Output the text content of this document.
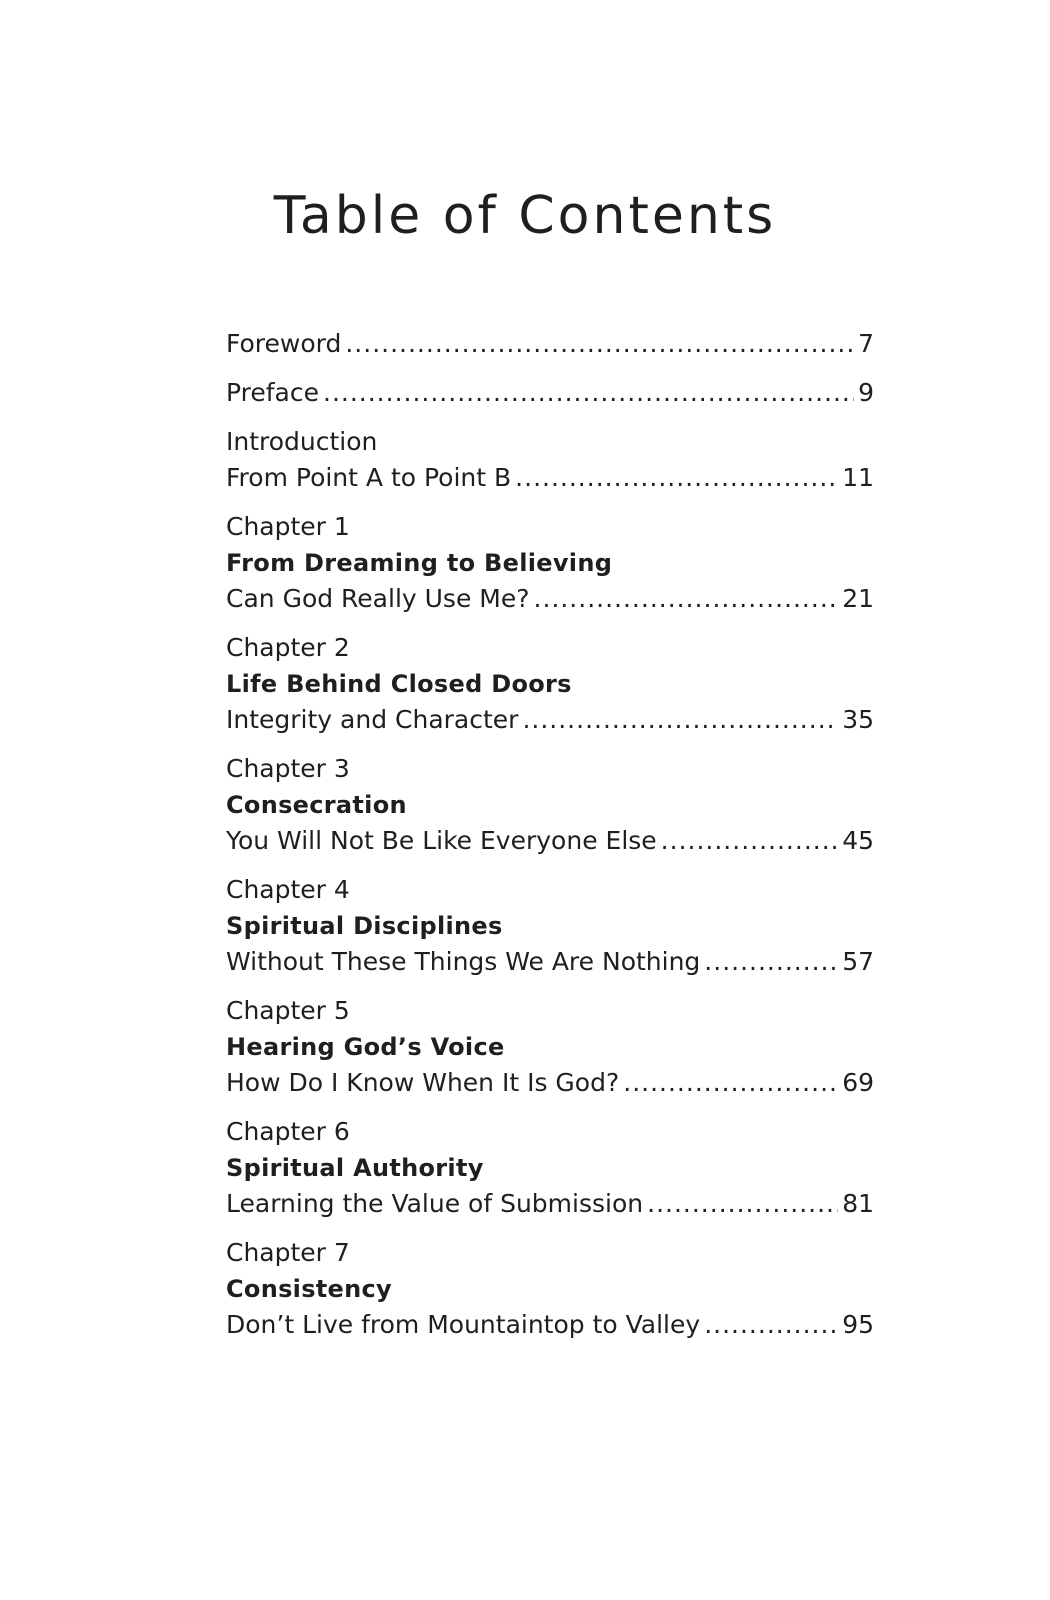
Table of Contents
Foreword .....	7
Preface .....	9
Introduction
From Point A to Point B .....	11
Chapter 1
From Dreaming to Believing
Can God Really Use Me? .....	21
Chapter 2
Life Behind Closed Doors
Integrity and Character .....	35
Chapter 3
Consecration
You Will Not Be Like Everyone Else .....	45
Chapter 4
Spiritual Disciplines
Without These Things We Are Nothing .....	57
Chapter 5
Hearing God’s Voice
How Do I Know When It Is God? .....	69
Chapter 6
Spiritual Authority
Learning the Value of Submission .....	81
Chapter 7
Consistency
Don’t Live from Mountaintop to Valley .....	95
